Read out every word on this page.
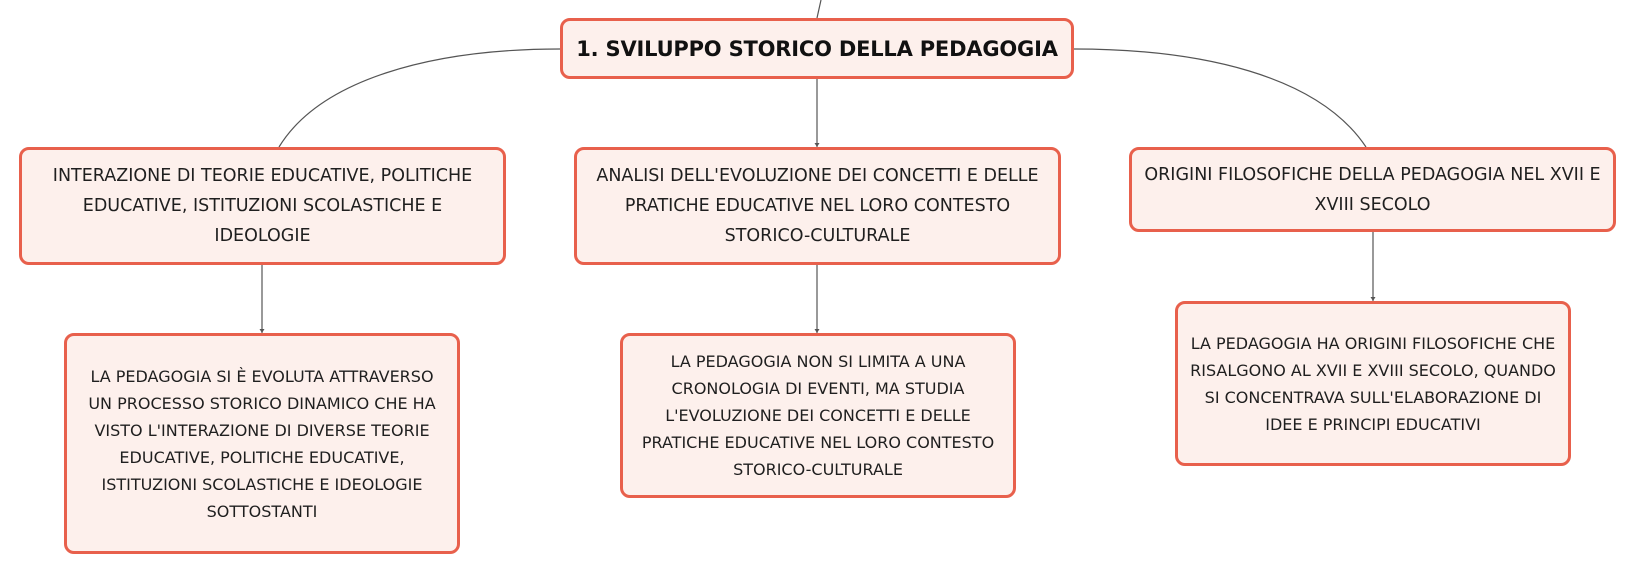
1. SVILUPPO STORICO DELLA PEDAGOGIA
INTERAZIONE DI TEORIE EDUCATIVE, POLITICHE EDUCATIVE, ISTITUZIONI SCOLASTICHE E IDEOLOGIE
ANALISI DELL'EVOLUZIONE DEI CONCETTI E DELLE PRATICHE EDUCATIVE NEL LORO CONTESTO STORICO-CULTURALE
ORIGINI FILOSOFICHE DELLA PEDAGOGIA NEL XVII E XVIII SECOLO
LA PEDAGOGIA SI È EVOLUTA ATTRAVERSO UN PROCESSO STORICO DINAMICO CHE HA VISTO L'INTERAZIONE DI DIVERSE TEORIE EDUCATIVE, POLITICHE EDUCATIVE, ISTITUZIONI SCOLASTICHE E IDEOLOGIE SOTTOSTANTI
LA PEDAGOGIA NON SI LIMITA A UNA CRONOLOGIA DI EVENTI, MA STUDIA L'EVOLUZIONE DEI CONCETTI E DELLE PRATICHE EDUCATIVE NEL LORO CONTESTO STORICO-CULTURALE
LA PEDAGOGIA HA ORIGINI FILOSOFICHE CHE RISALGONO AL XVII E XVIII SECOLO, QUANDO SI CONCENTRAVA SULL'ELABORAZIONE DI IDEE E PRINCIPI EDUCATIVI
